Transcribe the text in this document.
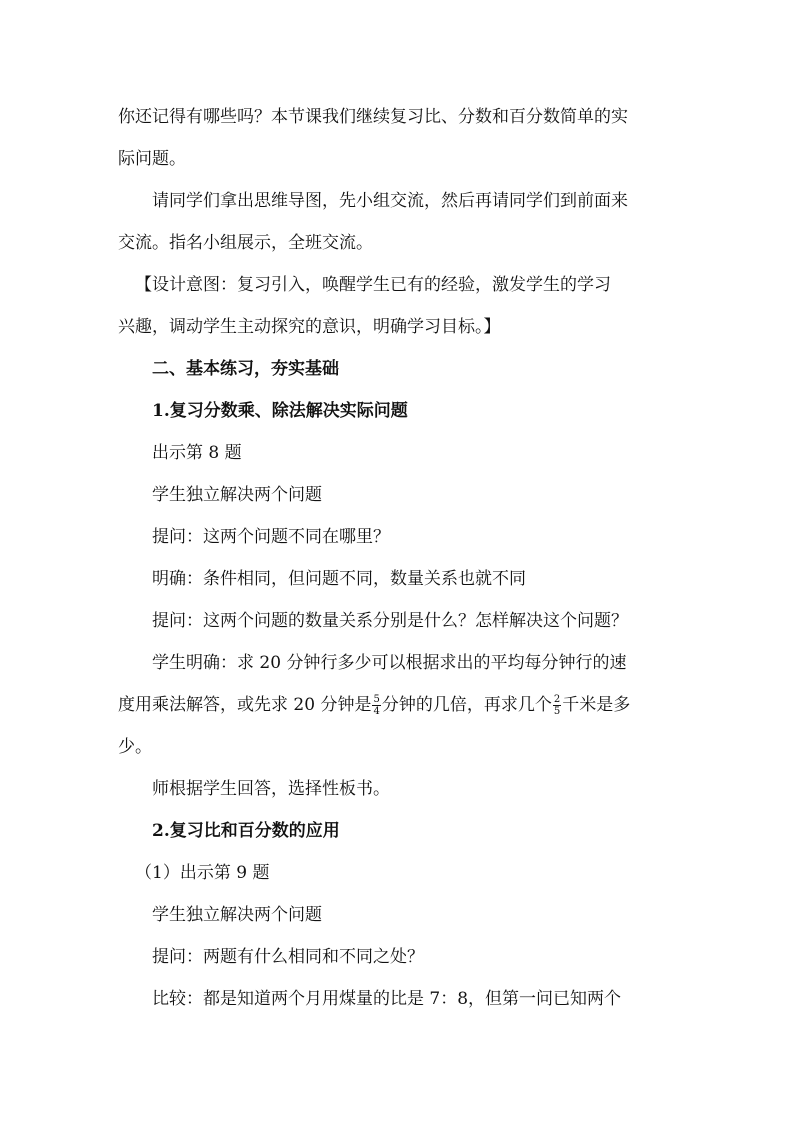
你还记得有哪些吗？本节课我们继续复习比、分数和百分数简单的实

际问题。

请同学们拿出思维导图，先小组交流，然后再请同学们到前面来

交流。指名小组展示，全班交流。

【设计意图：复习引入，唤醒学生已有的经验，激发学生的学习

兴趣，调动学生主动探究的意识，明确学习目标。】

二、基本练习，夯实基础

1.复习分数乘、除法解决实际问题

出示第 8 题

学生独立解决两个问题

提问：这两个问题不同在哪里？

明确：条件相同，但问题不同，数量关系也就不同

提问：这两个问题的数量关系分别是什么？怎样解决这个问题？

学生明确：求 20 分钟行多少可以根据求出的平均每分钟行的速

度用乘法解答，或先求 20 分钟是 $\frac{5}{4}$ 分钟的几倍，再求几个 $\frac{2}{5}$ 千米是多

少。

师根据学生回答，选择性板书。

2.复习比和百分数的应用

（1）出示第 9 题

学生独立解决两个问题

提问：两题有什么相同和不同之处？

比较：都是知道两个月用煤量的比是 7：8，但第一问已知两个
